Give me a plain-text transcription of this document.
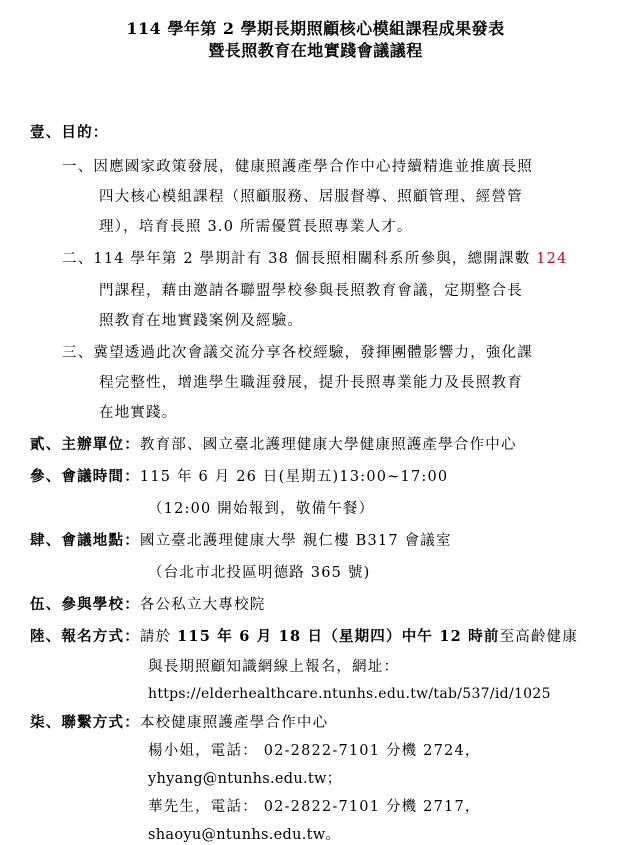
114 學年第 2 學期長期照顧核心模組課程成果發表
暨長照教育在地實踐會議議程
壹、目的：
一、因應國家政策發展，健康照護產學合作中心持續精進並推廣長照
四大核心模組課程（照顧服務、居服督導、照顧管理、經營管
理），培育長照 3.0 所需優質長照專業人才。
二、114 學年第 2 學期計有 38 個長照相關科系所參與，總開課數 124
門課程，藉由邀請各聯盟學校參與長照教育會議，定期整合長
照教育在地實踐案例及經驗。
三、冀望透過此次會議交流分享各校經驗，發揮團體影響力，強化課
程完整性，增進學生職涯發展，提升長照專業能力及長照教育
在地實踐。
貳、主辦單位：教育部、國立臺北護理健康大學健康照護產學合作中心
參、會議時間：115 年 6 月 26 日(星期五)13:00~17:00
（12:00 開始報到，敬備午餐）
肆、會議地點：國立臺北護理健康大學 親仁樓 B317 會議室
（台北市北投區明德路 365 號)
伍、參與學校：各公私立大專校院
陸、報名方式：請於 115 年 6 月 18 日（星期四）中午 12 時前至高齡健康
與長期照顧知識網線上報名，網址：
https://elderhealthcare.ntunhs.edu.tw/tab/537/id/1025
柒、聯繫方式：本校健康照護產學合作中心
楊小姐，電話： 02-2822-7101 分機 2724，
yhyang@ntunhs.edu.tw；
華先生，電話： 02-2822-7101 分機 2717，
shaoyu@ntunhs.edu.tw。
